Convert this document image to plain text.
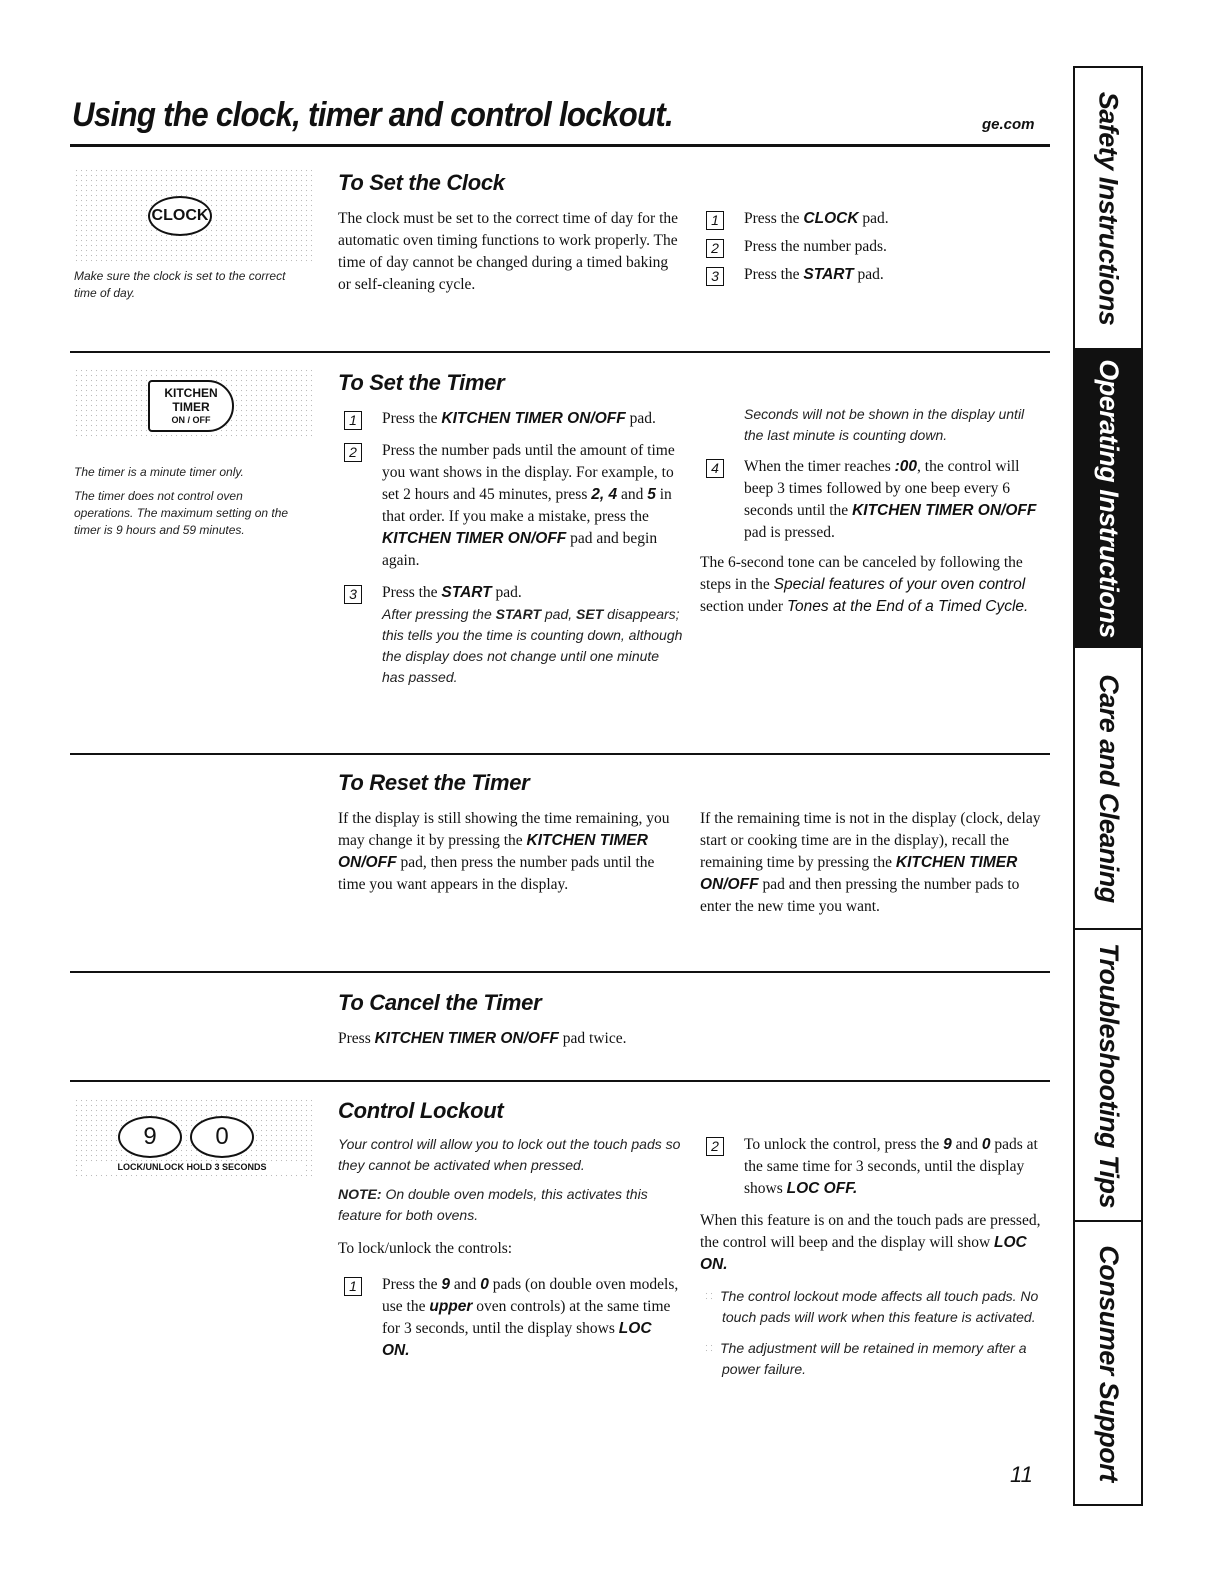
Using the clock, timer and control lockout.	ge.com
CLOCK
Make sure the clock is set to the correct time of day.
To Set the Clock
The clock must be set to the correct time of day for the automatic oven timing functions to work properly. The time of day cannot be changed during a timed baking or self-cleaning cycle.
1	Press the CLOCK pad.
2	Press the number pads.
3	Press the START pad.
KITCHEN
TIMER
ON / OFF
The timer is a minute timer only.
The timer does not control oven operations. The maximum setting on the timer is 9 hours and 59 minutes.
To Set the Timer
1	Press the KITCHEN TIMER ON/OFF pad.
2	Press the number pads until the amount of time you want shows in the display. For example, to set 2 hours and 45 minutes, press 2, 4 and 5 in that order. If you make a mistake, press the KITCHEN TIMER ON/OFF pad and begin again.
3	Press the START pad.
After pressing the START pad, SET disappears; this tells you the time is counting down, although the display does not change until one minute has passed.
Seconds will not be shown in the display until the last minute is counting down.
4	When the timer reaches :00, the control will beep 3 times followed by one beep every 6 seconds until the KITCHEN TIMER ON/OFF pad is pressed.
The 6-second tone can be canceled by following the steps in the Special features of your oven control section under Tones at the End of a Timed Cycle.
To Reset the Timer
If the display is still showing the time remaining, you may change it by pressing the KITCHEN TIMER ON/OFF pad, then press the number pads until the time you want appears in the display.
If the remaining time is not in the display (clock, delay start or cooking time are in the display), recall the remaining time by pressing the KITCHEN TIMER ON/OFF pad and then pressing the number pads to enter the new time you want.
To Cancel the Timer
Press KITCHEN TIMER ON/OFF pad twice.
9	0
LOCK/UNLOCK HOLD 3 SECONDS
Control Lockout
Your control will allow you to lock out the touch pads so they cannot be activated when pressed.
NOTE: On double oven models, this activates this feature for both ovens.
To lock/unlock the controls:
1	Press the 9 and 0 pads (on double oven models, use the upper oven controls) at the same time for 3 seconds, until the display shows LOC ON.
2	To unlock the control, press the 9 and 0 pads at the same time for 3 seconds, until the display shows LOC OFF.
When this feature is on and the touch pads are pressed, the control will beep and the display will show LOC ON.
The control lockout mode affects all touch pads. No touch pads will work when this feature is activated.
The adjustment will be retained in memory after a power failure.
11
Safety Instructions
Operating Instructions
Care and Cleaning
Troubleshooting Tips
Consumer Support
